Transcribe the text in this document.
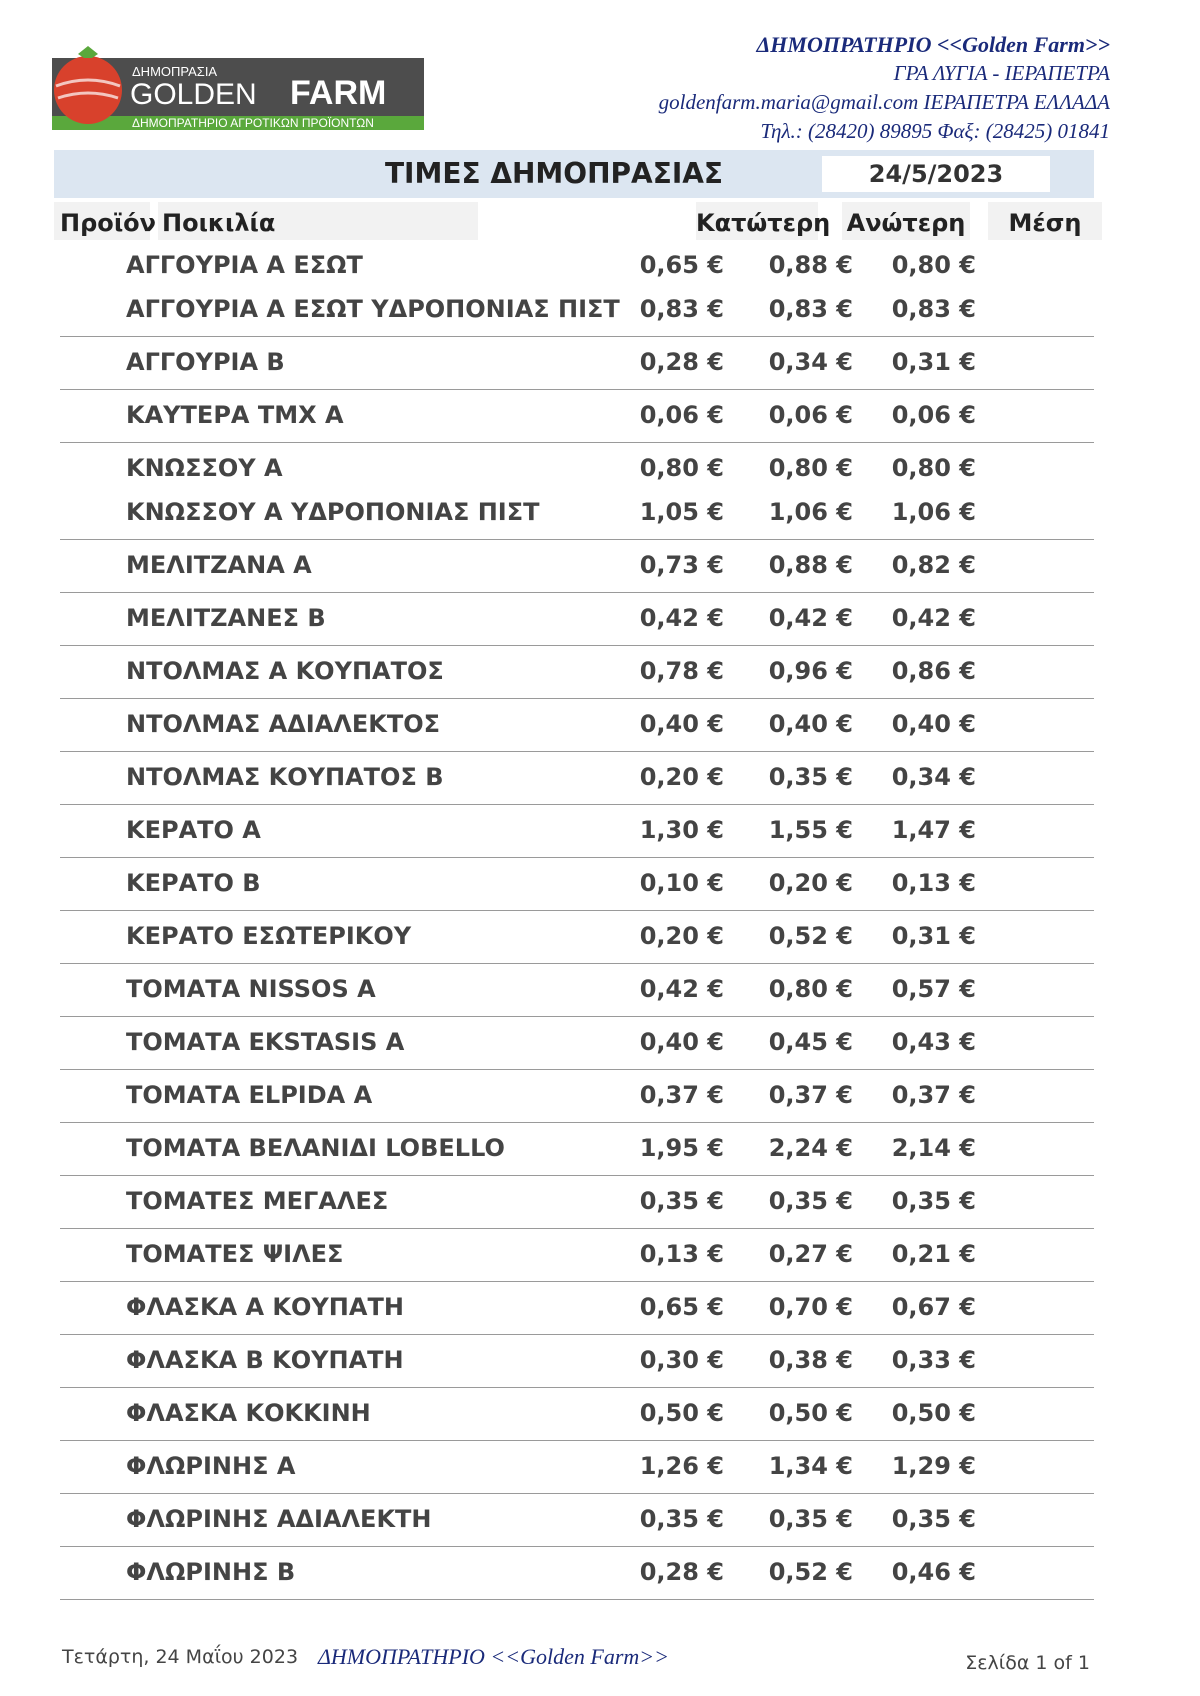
ΔΗΜΟΠΡΑΣΙΑ
GOLDEN FARM
ΔΗΜΟΠΡΑΤΗΡΙΟ ΑΓΡΟΤΙΚΩΝ ΠΡΟΪΟΝΤΩΝ
ΔΗΜΟΠΡΑΤΗΡΙΟ <<Golden Farm>>
ΓΡΑ ΛΥΓΙΑ - ΙΕΡΑΠΕΤΡΑ
goldenfarm.maria@gmail.com ΙΕΡΑΠΕΤΡΑ ΕΛΛΑΔΑ
Τηλ.: (28420) 89895 Φαξ: (28425) 01841
ΤΙΜΕΣ ΔΗΜΟΠΡΑΣΙΑΣ	24/5/2023
Προϊόν Ποικιλία	Κατώτερη Ανώτερη	Μέση
ΑΓΓΟΥΡΙΑ Α ΕΣΩΤ	0,65 € 0,88 € 0,80 €
ΑΓΓΟΥΡΙΑ Α ΕΣΩΤ ΥΔΡΟΠΟΝΙΑΣ ΠΙΣΤ 0,83 € 0,83 € 0,83 €
ΑΓΓΟΥΡΙΑ Β	0,28 € 0,34 € 0,31 €
ΚΑΥΤΕΡΑ ΤΜΧ Α	0,06 € 0,06 € 0,06 €
ΚΝΩΣΣΟΥ Α	0,80 € 0,80 € 0,80 €
ΚΝΩΣΣΟΥ Α ΥΔΡΟΠΟΝΙΑΣ ΠΙΣΤ	1,05 € 1,06 € 1,06 €
ΜΕΛΙΤΖΑΝΑ Α	0,73 € 0,88 € 0,82 €
ΜΕΛΙΤΖΑΝΕΣ Β	0,42 € 0,42 € 0,42 €
ΝΤΟΛΜΑΣ Α ΚΟΥΠΑΤΟΣ	0,78 € 0,96 € 0,86 €
ΝΤΟΛΜΑΣ ΑΔΙΑΛΕΚΤΟΣ	0,40 € 0,40 € 0,40 €
ΝΤΟΛΜΑΣ ΚΟΥΠΑΤΟΣ Β	0,20 € 0,35 € 0,34 €
ΚΕΡΑΤΟ Α	1,30 € 1,55 € 1,47 €
ΚΕΡΑΤΟ Β	0,10 € 0,20 € 0,13 €
ΚΕΡΑΤΟ ΕΣΩΤΕΡΙΚΟΥ	0,20 € 0,52 € 0,31 €
ΤΟΜΑΤΑ NISSOS A	0,42 € 0,80 € 0,57 €
ΤΟΜΑΤΑ EKSTASIS A	0,40 € 0,45 € 0,43 €
ΤΟΜΑΤΑ ELPIDA A	0,37 € 0,37 € 0,37 €
ΤΟΜΑΤΑ ΒΕΛΑΝΙΔΙ LOBELLO	1,95 € 2,24 € 2,14 €
ΤΟΜΑΤΕΣ ΜΕΓΑΛΕΣ	0,35 € 0,35 € 0,35 €
ΤΟΜΑΤΕΣ ΨΙΛΕΣ	0,13 € 0,27 € 0,21 €
ΦΛΑΣΚΑ Α ΚΟΥΠΑΤΗ	0,65 € 0,70 € 0,67 €
ΦΛΑΣΚΑ Β ΚΟΥΠΑΤΗ	0,30 € 0,38 € 0,33 €
ΦΛΑΣΚΑ ΚΟΚΚΙΝΗ	0,50 € 0,50 € 0,50 €
ΦΛΩΡΙΝΗΣ Α	1,26 € 1,34 € 1,29 €
ΦΛΩΡΙΝΗΣ ΑΔΙΑΛΕΚΤΗ	0,35 € 0,35 € 0,35 €
ΦΛΩΡΙΝΗΣ Β	0,28 € 0,52 € 0,46 €
Τετάρτη, 24 Μαΐου 2023 ΔΗΜΟΠΡΑΤΗΡΙΟ <<Golden Farm>>	Σελίδα 1 of 1
